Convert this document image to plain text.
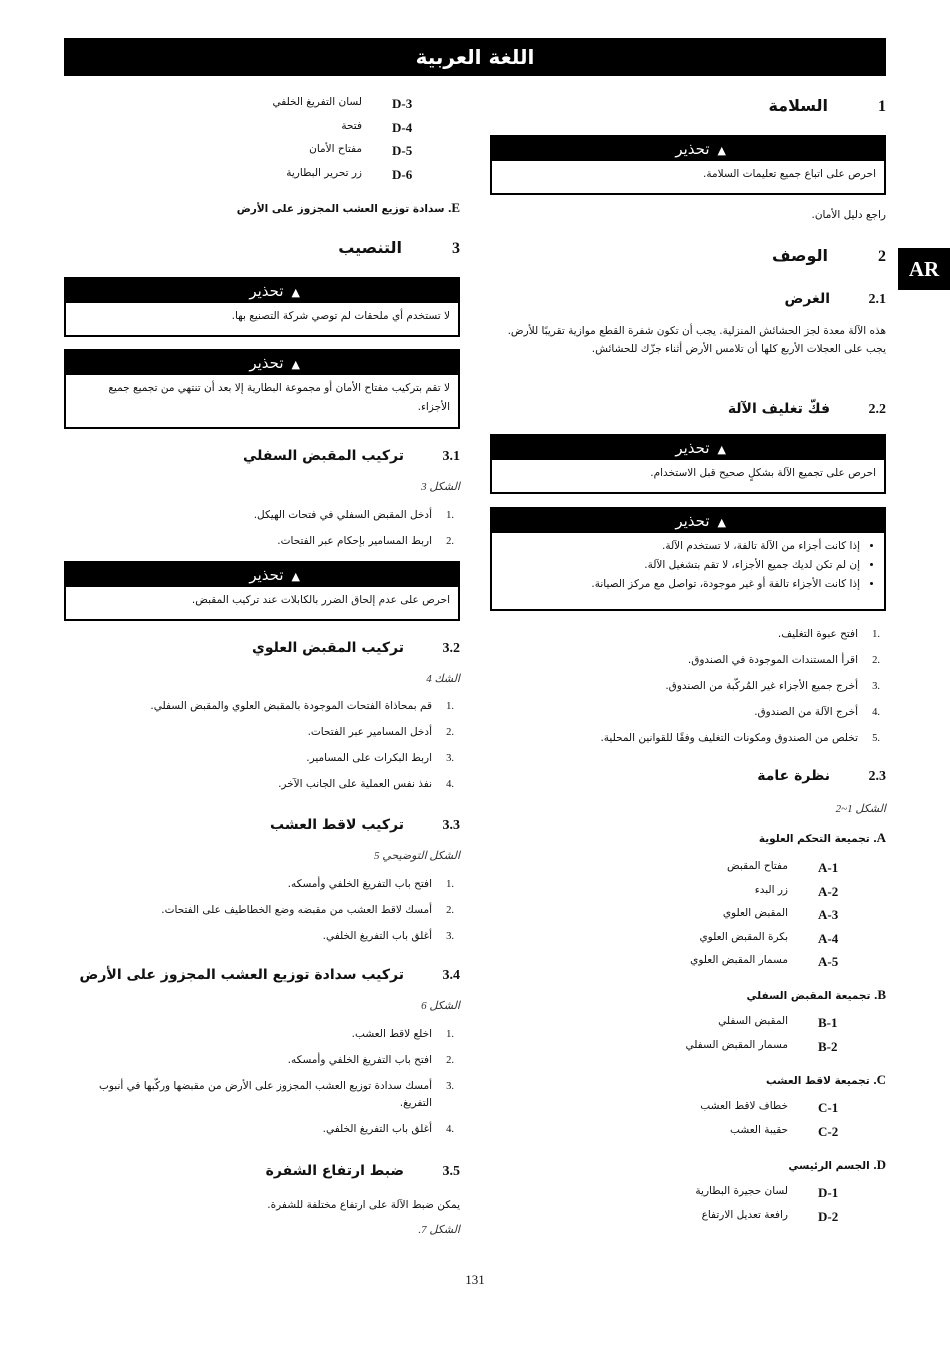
اللغة العربية
AR
1السلامة
▲تحذير
احرص على اتباع جميع تعليمات السلامة.
راجع دليل الأمان.
2الوصف
2.1الغرض
هذه الآلة معدة لجز الحشائش المنزلية. يجب أن تكون شفرة القطع موازية تقريبًا للأرض. يجب على العجلات الأربع كلها أن تلامس الأرض أثناء جزّك للحشائش.
2.2فكّ تغليف الآلة
▲تحذير
احرص على تجميع الآلة بشكلٍ صحيح قبل الاستخدام.
▲تحذير
• إذا كانت أجزاء من الآلة تالفة، لا تستخدم الآلة.
• إن لم تكن لديك جميع الأجزاء، لا تقم بتشغيل الآلة.
• إذا كانت الأجزاء تالفة أو غير موجودة، تواصل مع مركز الصيانة.
1.
افتح عبوة التغليف.
2.
اقرأ المستندات الموجودة في الصندوق.
3.
أخرج جميع الأجزاء غير المُركّبة من الصندوق.
4.
أخرج الآلة من الصندوق.
5.
تخلص من الصندوق ومكونات التغليف وفقًا للقوانين المحلية.
2.3نظرة عامة
الشكل 1~2
A. تجميعة التحكم العلوية
A-1
مفتاح المقبض
A-2
زر البدء
A-3
المقبض العلوي
A-4
بكرة المقبض العلوي
A-5
مسمار المقبض العلوي
B. تجميعة المقبض السفلي
B-1
المقبض السفلي
B-2
مسمار المقبض السفلي
C. تجميعة لاقط العشب
C-1
خطاف لاقط العشب
C-2
حقيبة العشب
D. الجسم الرئيسي
D-1
لسان حجيرة البطارية
D-2
رافعة تعديل الارتفاع
D-3
لسان التفريغ الخلفي
D-4
فتحة
D-5
مفتاح الأمان
D-6
زر تحرير البطارية
E. سدادة توزيع العشب المجزوز على الأرض
3التنصيب
▲تحذير
لا تستخدم أي ملحقات لم توصي شركة التصنيع بها.
▲تحذير
لا تقم بتركيب مفتاح الأمان أو مجموعة البطارية إلا بعد أن تنتهي من تجميع جميع الأجزاء.
3.1تركيب المقبض السفلي
الشكل 3
1.
أدخل المقبض السفلي في فتحات الهيكل.
2.
اربط المسامير بإحكام عبر الفتحات.
▲تحذير
احرص على عدم إلحاق الضرر بالكابلات عند تركيب المقبض.
3.2تركيب المقبض العلوي
الشك 4
1.
قم بمحاذاة الفتحات الموجودة بالمقبض العلوي والمقبض السفلي.
2.
أدخل المسامير عبر الفتحات.
3.
اربط البكرات على المسامير.
4.
نفذ نفس العملية على الجانب الآخر.
3.3تركيب لاقط العشب
الشكل التوضيحي 5
1.
افتح باب التفريغ الخلفي وأمسكه.
2.
أمسك لاقط العشب من مقبضه وضع الخطاطيف على الفتحات.
3.
أغلق باب التفريغ الخلفي.
3.4تركيب سدادة توزيع العشب المجزوز على الأرض
الشكل 6
1.
اخلع لاقط العشب.
2.
افتح باب التفريغ الخلفي وأمسكه.
3.
أمسك سدادة توزيع العشب المجزوز على الأرض من مقبضها وركّبها في أنبوب التفريغ.
4.
أغلق باب التفريغ الخلفي.
3.5ضبط ارتفاع الشفرة
يمكن ضبط الآلة على ارتفاع مختلفة للشفرة.
الشكل 7.
131
